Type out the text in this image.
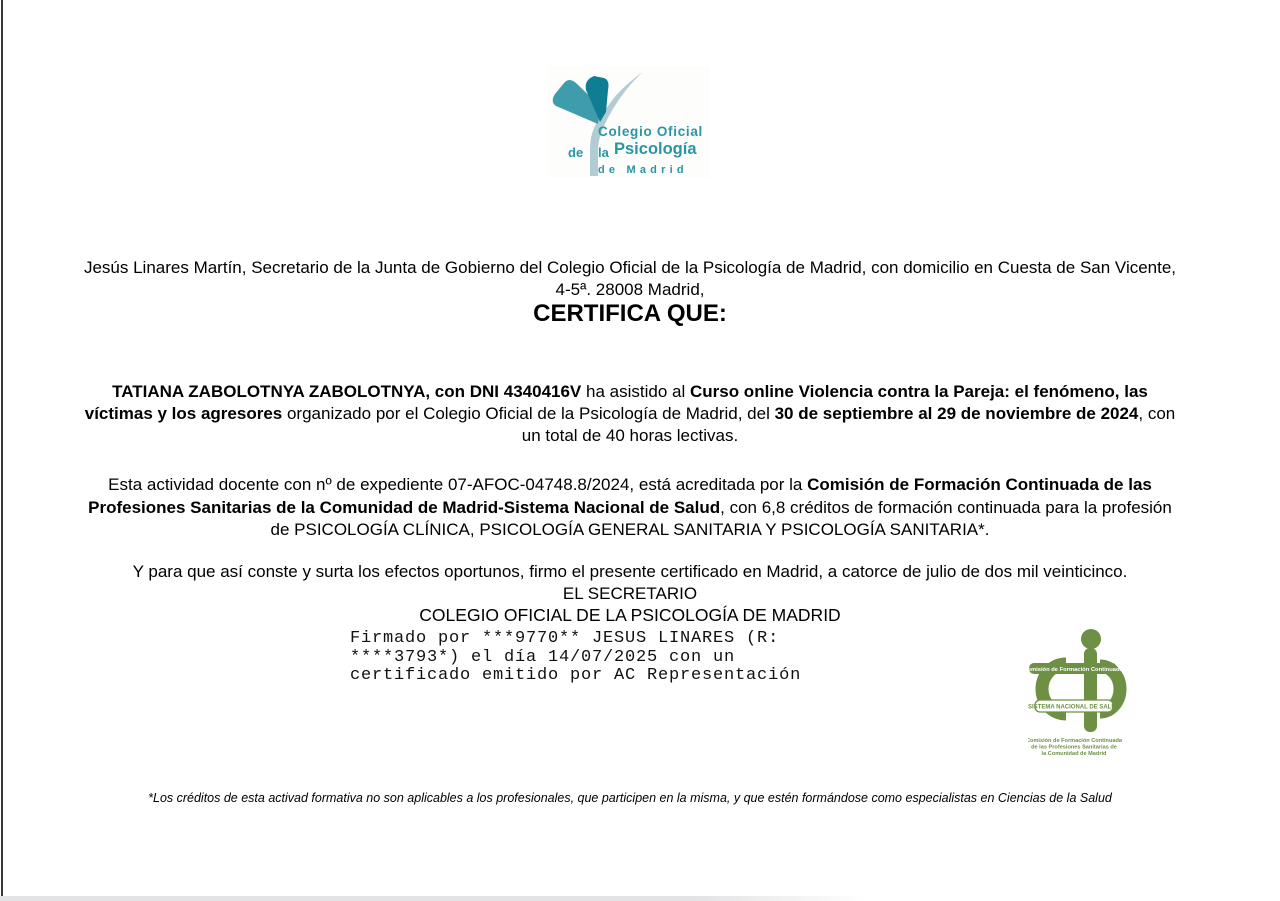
Colegio Oficial
de la Psicología
de Madrid

Jesús Linares Martín, Secretario de la Junta de Gobierno del Colegio Oficial de la Psicología de Madrid, con domicilio en Cuesta de San Vicente, 4-5ª. 28008 Madrid,

CERTIFICA QUE:

TATIANA ZABOLOTNYA ZABOLOTNYA, con DNI 4340416V ha asistido al Curso online Violencia contra la Pareja: el fenómeno, las víctimas y los agresores organizado por el Colegio Oficial de la Psicología de Madrid, del 30 de septiembre al 29 de noviembre de 2024, con un total de 40 horas lectivas.

Esta actividad docente con nº de expediente 07-AFOC-04748.8/2024, está acreditada por la Comisión de Formación Continuada de las Profesiones Sanitarias de la Comunidad de Madrid-Sistema Nacional de Salud, con 6,8 créditos de formación continuada para la profesión de PSICOLOGÍA CLÍNICA, PSICOLOGÍA GENERAL SANITARIA Y PSICOLOGÍA SANITARIA*.

Y para que así conste y surta los efectos oportunos, firmo el presente certificado en Madrid, a catorce de julio de dos mil veinticinco.

EL SECRETARIO
COLEGIO OFICIAL DE LA PSICOLOGÍA DE MADRID
Firmado por ***9770** JESUS LINARES (R:
****3793*) el día 14/07/2025 con un
certificado emitido por AC Representación	Comisión de Formación Continuada
SISTEMA NACIONAL DE SALUD
Comisión de Formación Continuada
de las Profesiones Sanitarias de
la Comunidad de Madrid

*Los créditos de esta activad formativa no son aplicables a los profesionales, que participen en la misma, y que estén formándose como especialistas en Ciencias de la Salud
